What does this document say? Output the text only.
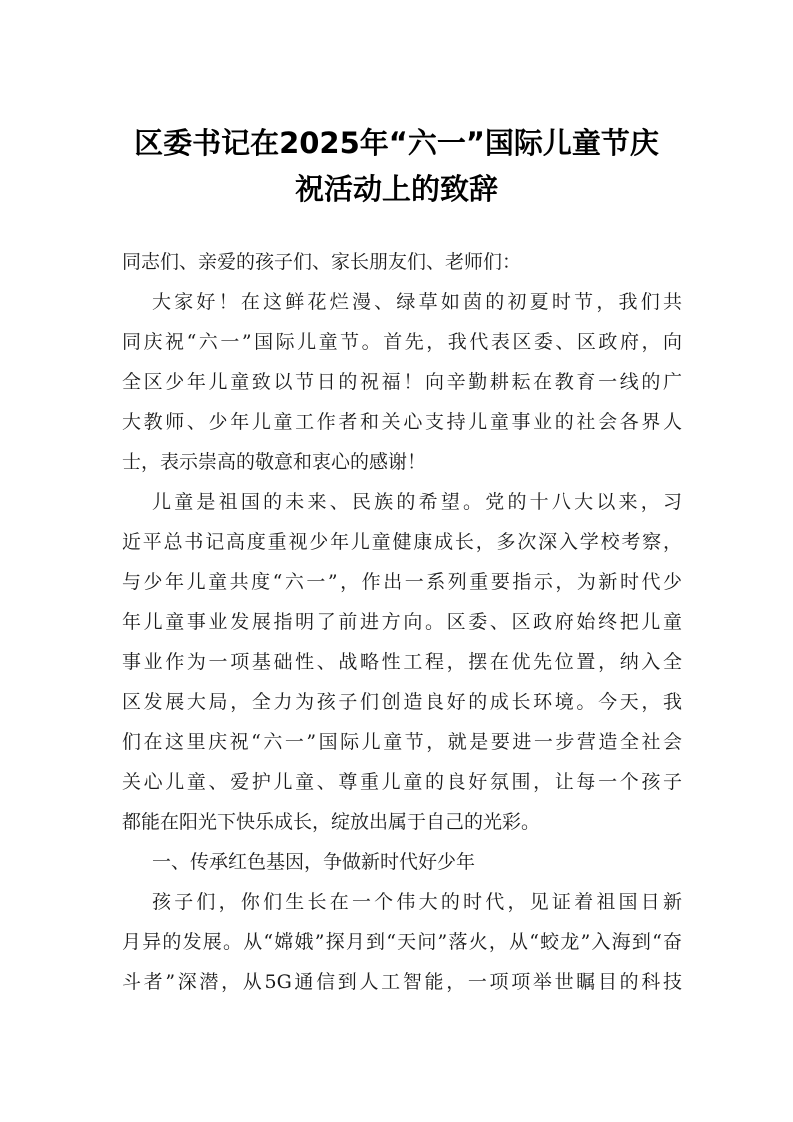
区委书记在2025年“六一”国际儿童节庆
祝活动上的致辞
同志们、亲爱的孩子们、家长朋友们、老师们：
大家好！在这鲜花烂漫、绿草如茵的初夏时节，我们共
同庆祝“六一”国际儿童节。首先，我代表区委、区政府，向
全区少年儿童致以节日的祝福！向辛勤耕耘在教育一线的广
大教师、少年儿童工作者和关心支持儿童事业的社会各界人
士，表示崇高的敬意和衷心的感谢！
儿童是祖国的未来、民族的希望。党的十八大以来，习
近平总书记高度重视少年儿童健康成长，多次深入学校考察，
与少年儿童共度“六一”，作出一系列重要指示，为新时代少
年儿童事业发展指明了前进方向。区委、区政府始终把儿童
事业作为一项基础性、战略性工程，摆在优先位置，纳入全
区发展大局，全力为孩子们创造良好的成长环境。今天，我
们在这里庆祝“六一”国际儿童节，就是要进一步营造全社会
关心儿童、爱护儿童、尊重儿童的良好氛围，让每一个孩子
都能在阳光下快乐成长，绽放出属于自己的光彩。
一、传承红色基因，争做新时代好少年
孩子们，你们生长在一个伟大的时代，见证着祖国日新
月异的发展。从“嫦娥”探月到“天问”落火，从“蛟龙”入海到“奋
斗者”深潜，从5G通信到人工智能，一项项举世瞩目的科技
